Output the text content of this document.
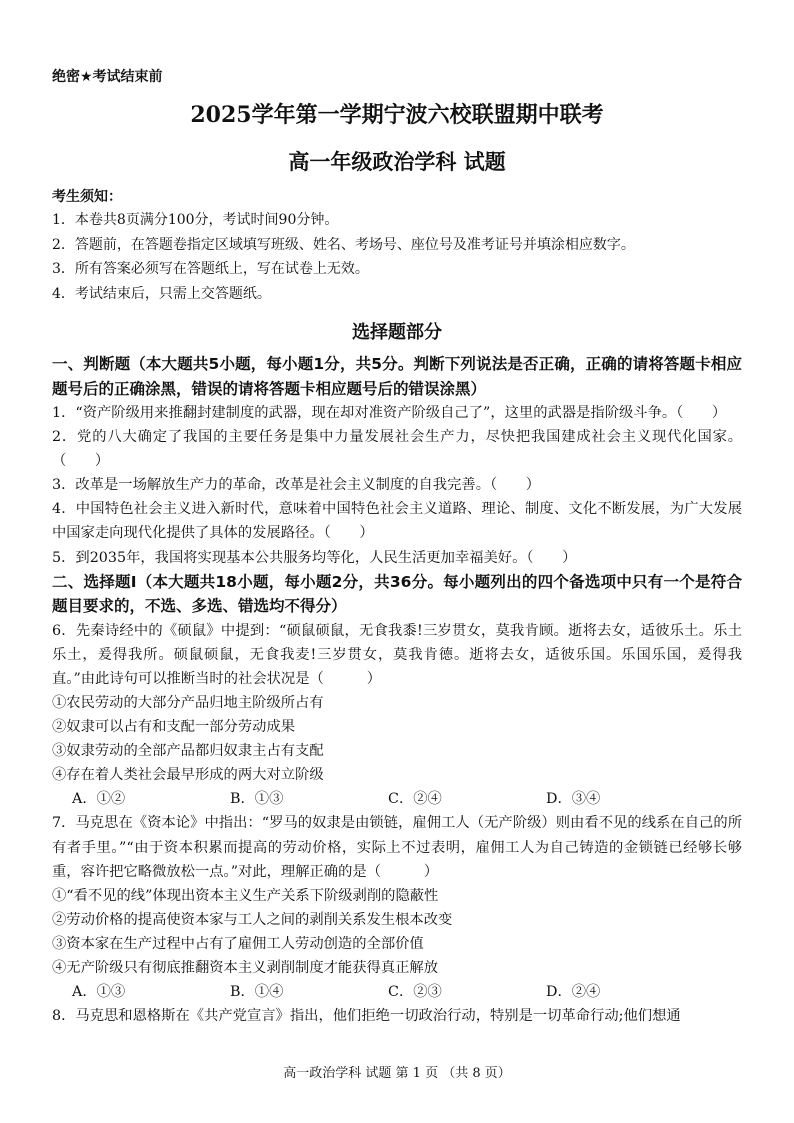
绝密★考试结束前
2025学年第一学期宁波六校联盟期中联考
高一年级政治学科 试题
考生须知：
1．本卷共8页满分100分，考试时间90分钟。
2．答题前，在答题卷指定区域填写班级、姓名、考场号、座位号及准考证号并填涂相应数字。
3．所有答案必须写在答题纸上，写在试卷上无效。
4．考试结束后，只需上交答题纸。
选择题部分

一、判断题（本大题共5小题，每小题1分，共5分。判断下列说法是否正确，正确的请将答题卡相应题号后的正确涂黑，错误的请将答题卡相应题号后的错误涂黑）

1．“资产阶级用来推翻封建制度的武器，现在却对准资产阶级自己了”，这里的武器是指阶级斗争。（　　）

2．党的八大确定了我国的主要任务是集中力量发展社会生产力，尽快把我国建成社会主义现代化国家。（　　）

3．改革是一场解放生产力的革命，改革是社会主义制度的自我完善。（　　）

4．中国特色社会主义进入新时代，意味着中国特色社会主义道路、理论、制度、文化不断发展，为广大发展中国家走向现代化提供了具体的发展路径。（　　）

5．到2035年，我国将实现基本公共服务均等化，人民生活更加幸福美好。（　　）

二、选择题Ⅰ（本大题共18小题，每小题2分，共36分。每小题列出的四个备选项中只有一个是符合题目要求的，不选、多选、错选均不得分）

6．先秦诗经中的《硕鼠》中提到：“硕鼠硕鼠，无食我黍!三岁贯女，莫我肯顾。逝将去女，适彼乐土。乐土乐土，爰得我所。硕鼠硕鼠，无食我麦!三岁贯女，莫我肯德。逝将去女，适彼乐国。乐国乐国，爰得我直。”由此诗句可以推断当时的社会状况是（　　　）

①农民劳动的大部分产品归地主阶级所占有

②奴隶可以占有和支配一部分劳动成果

③奴隶劳动的全部产品都归奴隶主占有支配

④存在着人类社会最早形成的两大对立阶级

A．①②	B．①③	C．②④	D．③④

7．马克思在《资本论》中指出：“罗马的奴隶是由锁链，雇佣工人（无产阶级）则由看不见的线系在自己的所有者手里。”“由于资本积累而提高的劳动价格，实际上不过表明，雇佣工人为自己铸造的金锁链已经够长够重，容许把它略微放松一点。”对此，理解正确的是（　　　）

①“看不见的线”体现出资本主义生产关系下阶级剥削的隐蔽性

②劳动价格的提高使资本家与工人之间的剥削关系发生根本改变

③资本家在生产过程中占有了雇佣工人劳动创造的全部价值

④无产阶级只有彻底推翻资本主义剥削制度才能获得真正解放

A．①③	B．①④	C．②③	D．②④

8．马克思和恩格斯在《共产党宣言》指出，他们拒绝一切政治行动，特别是一切革命行动;他们想通

高一政治学科 试题 第 1 页 （共 8 页）
